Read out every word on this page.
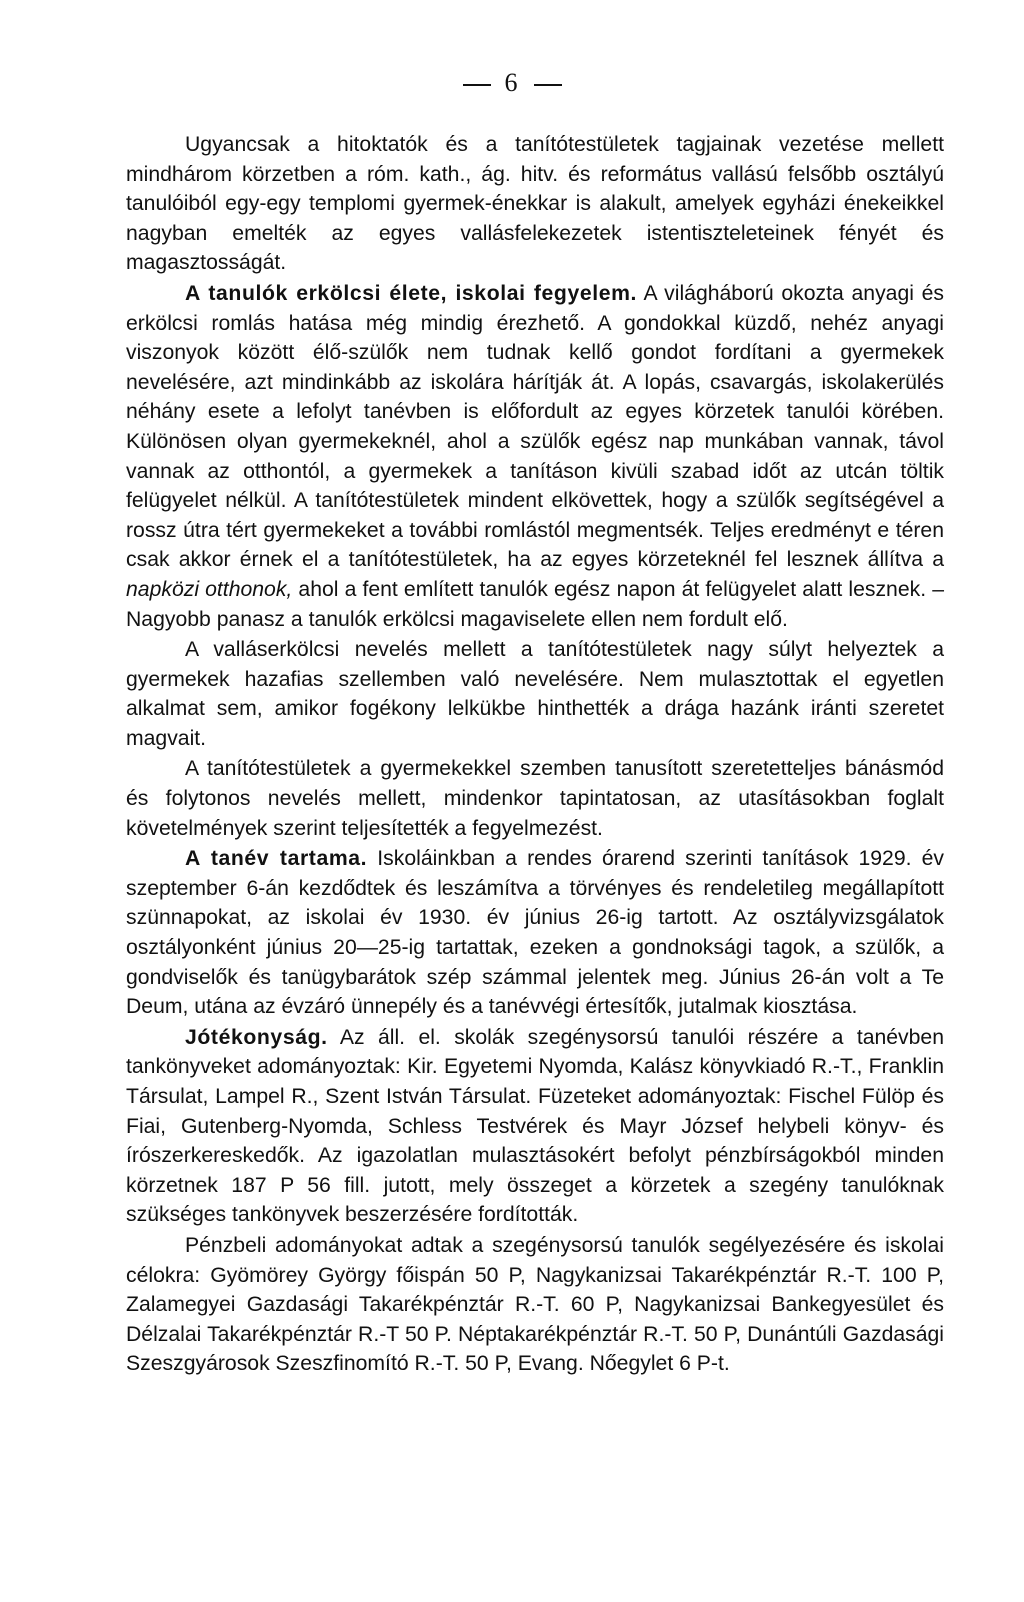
6

Ugyancsak a hitoktatók és a tanítótestületek tagjainak vezetése mellett mindhárom körzetben a róm. kath., ág. hitv. és református vallású felsőbb osztályú tanulóiból egy-egy templomi gyermek-énekkar is alakult, amelyek egyházi énekeikkel nagyban emelték az egyes vallásfelekezetek istentiszteleteinek fényét és magasztosságát.

A tanulók erkölcsi élete, iskolai fegyelem. A világháború okozta anyagi és erkölcsi romlás hatása még mindig érezhető. A gondokkal küzdő, nehéz anyagi viszonyok között élő-szülők nem tudnak kellő gondot fordítani a gyermekek nevelésére, azt mindinkább az iskolára hárítják át. A lopás, csavargás, iskolakerülés néhány esete a lefolyt tanévben is előfordult az egyes körzetek tanulói körében. Különösen olyan gyermekeknél, ahol a szülők egész nap munkában vannak, távol vannak az otthontól, a gyermekek a tanításon kivüli szabad időt az utcán töltik felügyelet nélkül. A tanítótestületek mindent elkövettek, hogy a szülők segítségével a rossz útra tért gyermekeket a további romlástól megmentsék. Teljes eredményt e téren csak akkor érnek el a tanítótestületek, ha az egyes körzeteknél fel lesznek állítva a napközi otthonok, ahol a fent említett tanulók egész napon át felügyelet alatt lesznek. – Nagyobb panasz a tanulók erkölcsi magaviselete ellen nem fordult elő.

A valláserkölcsi nevelés mellett a tanítótestületek nagy súlyt helyeztek a gyermekek hazafias szellemben való nevelésére. Nem mulasztottak el egyetlen alkalmat sem, amikor fogékony lelkükbe hinthették a drága hazánk iránti szeretet magvait.

A tanítótestületek a gyermekekkel szemben tanusított szeretetteljes bánásmód és folytonos nevelés mellett, mindenkor tapintatosan, az utasításokban foglalt követelmények szerint teljesítették a fegyelmezést.

A tanév tartama. Iskoláinkban a rendes órarend szerinti tanítások 1929. év szeptember 6-án kezdődtek és leszámítva a törvényes és rendeletileg megállapított szünnapokat, az iskolai év 1930. év június 26-ig tartott. Az osztályvizsgálatok osztályonként június 20—25-ig tartattak, ezeken a gondnoksági tagok, a szülők, a gondviselők és tanügybarátok szép számmal jelentek meg. Június 26-án volt a Te Deum, utána az évzáró ünnepély és a tanévvégi értesítők, jutalmak kiosztása.

Jótékonyság. Az áll. el. skolák szegénysorsú tanulói részére a tanévben tankönyveket adományoztak: Kir. Egyetemi Nyomda, Kalász könyvkiadó R.-T., Franklin Társulat, Lampel R., Szent István Társulat. Füzeteket adományoztak: Fischel Fülöp és Fiai, Gutenberg-Nyomda, Schless Testvérek és Mayr József helybeli könyv- és írószerkereskedők. Az igazolatlan mulasztásokért befolyt pénzbírságokból minden körzetnek 187 P 56 fill. jutott, mely összeget a körzetek a szegény tanulóknak szükséges tankönyvek beszerzésére fordították.

Pénzbeli adományokat adtak a szegénysorsú tanulók segélyezésére és iskolai célokra: Gyömörey György főispán 50 P, Nagykanizsai Takarékpénztár R.-T. 100 P, Zalamegyei Gazdasági Takarékpénztár R.-T. 60 P, Nagykanizsai Bankegyesület és Délzalai Takarékpénztár R.-T 50 P. Néptakarékpénztár R.-T. 50 P, Dunántúli Gazdasági Szeszgyárosok Szeszfinomító R.-T. 50 P, Evang. Nőegylet 6 P-t.
